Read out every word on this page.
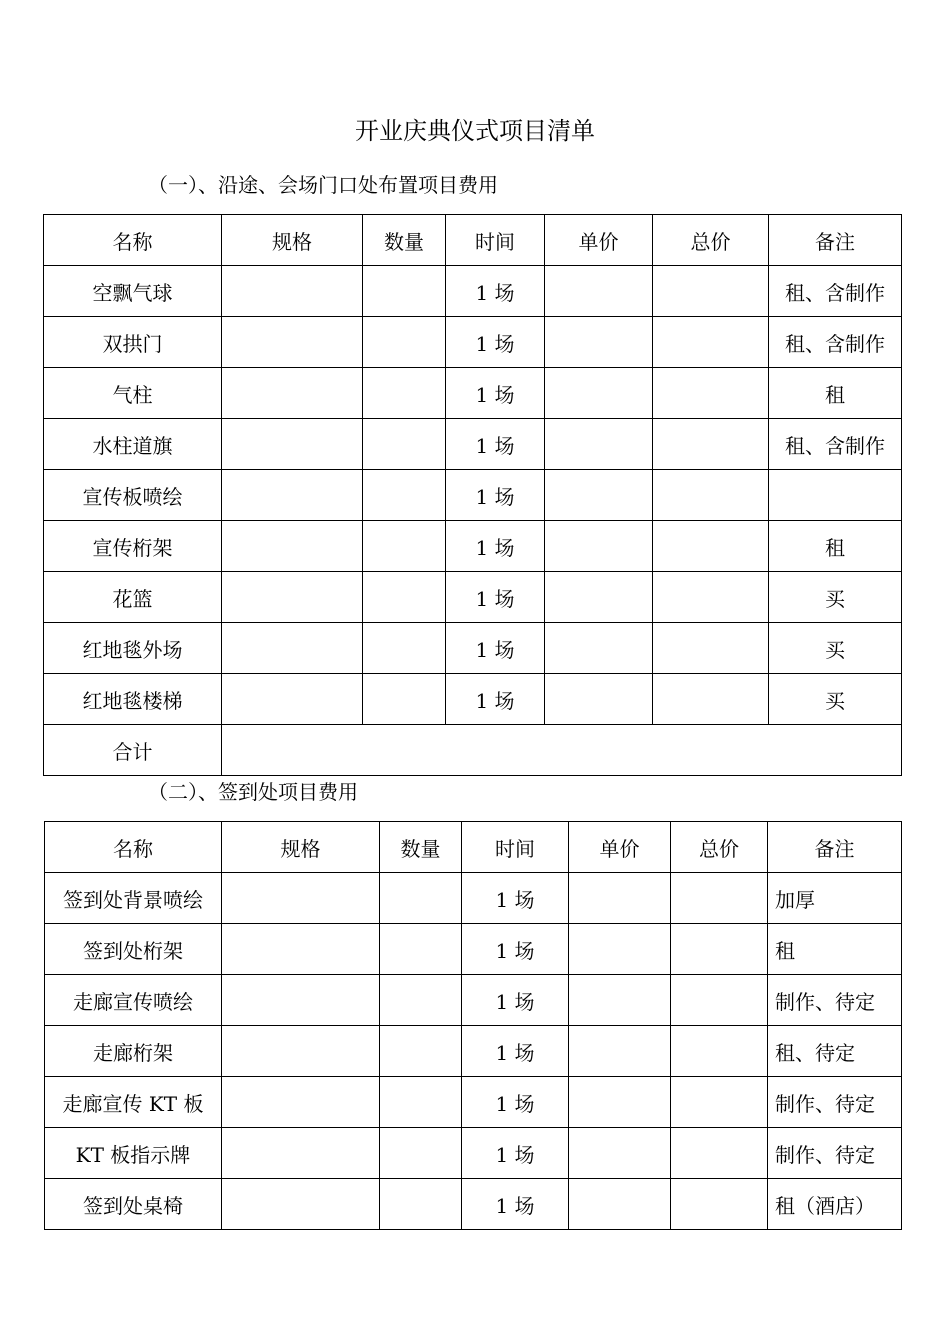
开业庆典仪式项目清单
（一）、沿途、会场门口处布置项目费用
名称	规格	数量	时间	单价	总价	备注
空飘气球			1 场			租、含制作
双拱门			1 场			租、含制作
气柱			1 场			租
水柱道旗			1 场			租、含制作
宣传板喷绘			1 场			
宣传桁架			1 场			租
花篮			1 场			买
红地毯外场			1 场			买
红地毯楼梯			1 场			买
合计						
（二）、签到处项目费用
名称	规格	数量	时间	单价	总价	备注
签到处背景喷绘			1 场			加厚
签到处桁架			1 场			租
走廊宣传喷绘			1 场			制作、待定
走廊桁架			1 场			租、待定
走廊宣传 KT 板			1 场			制作、待定
KT 板指示牌			1 场			制作、待定
签到处桌椅			1 场			租（酒店）
